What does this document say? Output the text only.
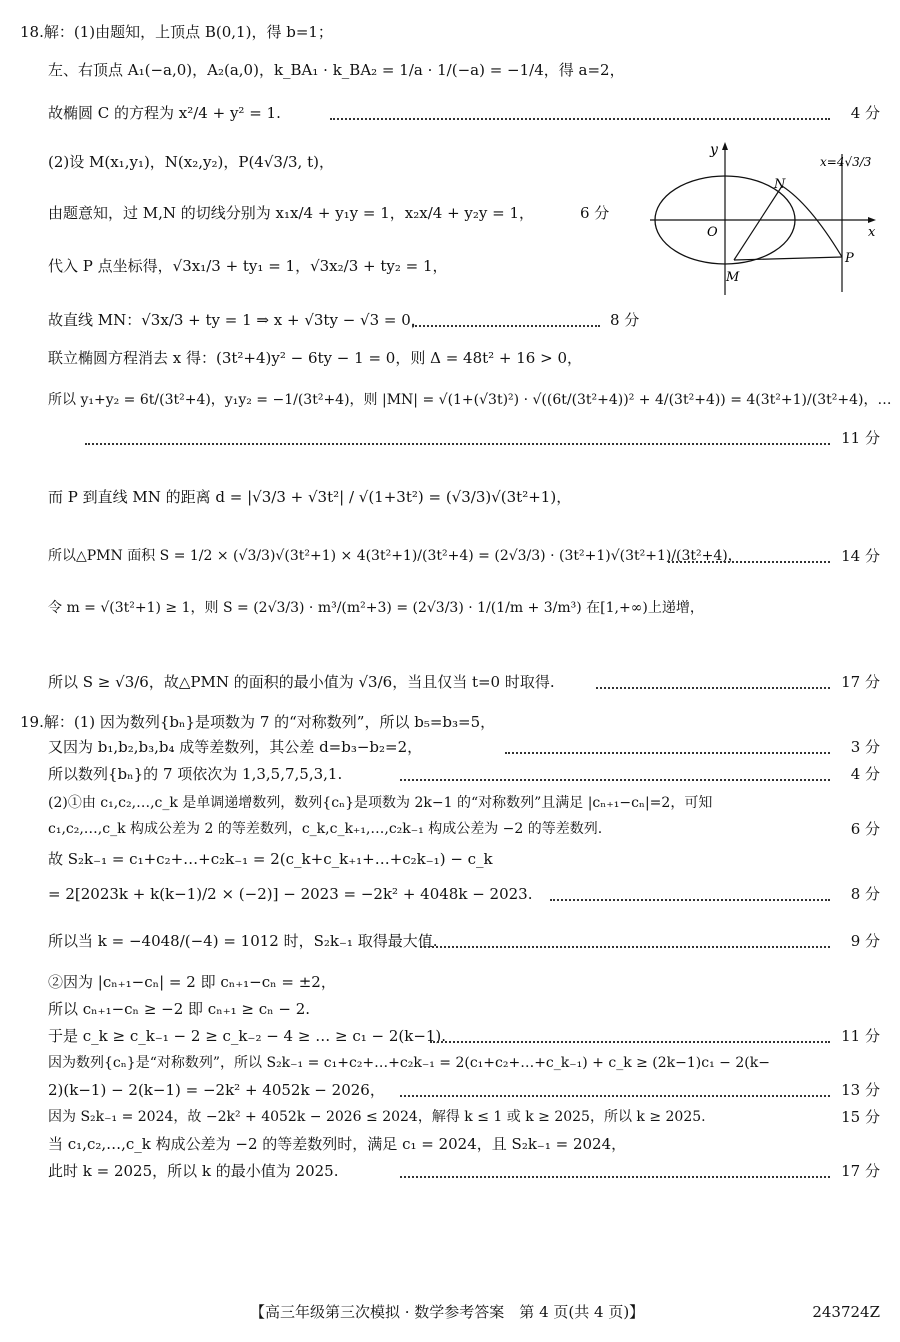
18.解：(1)由题知，上顶点 B(0,1)，得 b=1；
左、右顶点 A₁(−a,0)，A₂(a,0)，k_BA₁ · k_BA₂ = 1/a · 1/(−a) = −1/4，得 a=2，
故椭圆 C 的方程为 x²/4 + y² = 1.	4 分
(2)设 M(x₁,y₁)，N(x₂,y₂)，P(4√3/3, t)，
由题意知，过 M,N 的切线分别为 x₁x/4 + y₁y = 1，x₂x/4 + y₂y = 1，	6 分
代入 P 点坐标得，√3x₁/3 + ty₁ = 1，√3x₂/3 + ty₂ = 1，
故直线 MN：√3x/3 + ty = 1 ⇒ x + √3ty − √3 = 0，	8 分
联立椭圆方程消去 x 得：(3t²+4)y² − 6ty − 1 = 0，则 Δ = 48t² + 16 > 0，
所以 y₁+y₂ = 6t/(3t²+4)，y₁y₂ = −1/(3t²+4)，则 |MN| = √(1+(√3t)²) · √((6t/(3t²+4))² + 4/(3t²+4)) = 4(3t²+1)/(3t²+4)，…
11 分
而 P 到直线 MN 的距离 d = |√3/3 + √3t²| / √(1+3t²) = (√3/3)√(3t²+1)，
所以△PMN 面积 S = 1/2 × (√3/3)√(3t²+1) × 4(3t²+1)/(3t²+4) = (2√3/3) · (3t²+1)√(3t²+1)/(3t²+4)，	14 分
令 m = √(3t²+1) ≥ 1，则 S = (2√3/3) · m³/(m²+3) = (2√3/3) · 1/(1/m + 3/m³) 在[1,+∞)上递增，
所以 S ≥ √3/6，故△PMN 的面积的最小值为 √3/6，当且仅当 t=0 时取得.	17 分
19.解：(1) 因为数列{bₙ}是项数为 7 的“对称数列”，所以 b₅=b₃=5，
又因为 b₁,b₂,b₃,b₄ 成等差数列，其公差 d=b₃−b₂=2，	3 分
所以数列{bₙ}的 7 项依次为 1,3,5,7,5,3,1.	4 分
(2)①由 c₁,c₂,…,c_k 是单调递增数列，数列{cₙ}是项数为 2k−1 的“对称数列”且满足 |cₙ₊₁−cₙ|=2，可知
c₁,c₂,…,c_k 构成公差为 2 的等差数列，c_k,c_k₊₁,…,c₂k₋₁ 构成公差为 −2 的等差数列.	6 分
故 S₂k₋₁ = c₁+c₂+…+c₂k₋₁ = 2(c_k+c_k₊₁+…+c₂k₋₁) − c_k
= 2[2023k + k(k−1)/2 × (−2)] − 2023 = −2k² + 4048k − 2023.	8 分
所以当 k = −4048/(−4) = 1012 时，S₂k₋₁ 取得最大值.	9 分
②因为 |cₙ₊₁−cₙ| = 2 即 cₙ₊₁−cₙ = ±2，
所以 cₙ₊₁−cₙ ≥ −2 即 cₙ₊₁ ≥ cₙ − 2.
于是 c_k ≥ c_k₋₁ − 2 ≥ c_k₋₂ − 4 ≥ … ≥ c₁ − 2(k−1).	11 分
因为数列{cₙ}是“对称数列”，所以 S₂k₋₁ = c₁+c₂+…+c₂k₋₁ = 2(c₁+c₂+…+c_k₋₁) + c_k ≥ (2k−1)c₁ − 2(k−
2)(k−1) − 2(k−1) = −2k² + 4052k − 2026，	13 分
因为 S₂k₋₁ = 2024，故 −2k² + 4052k − 2026 ≤ 2024，解得 k ≤ 1 或 k ≥ 2025，所以 k ≥ 2025.	15 分
当 c₁,c₂,…,c_k 构成公差为 −2 的等差数列时，满足 c₁ = 2024，且 S₂k₋₁ = 2024，
此时 k = 2025，所以 k 的最小值为 2025.	17 分
y
x
O
N
M
P
x=4√3/3
【高三年级第三次模拟 · 数学参考答案　第 4 页(共 4 页)】	243724Z
